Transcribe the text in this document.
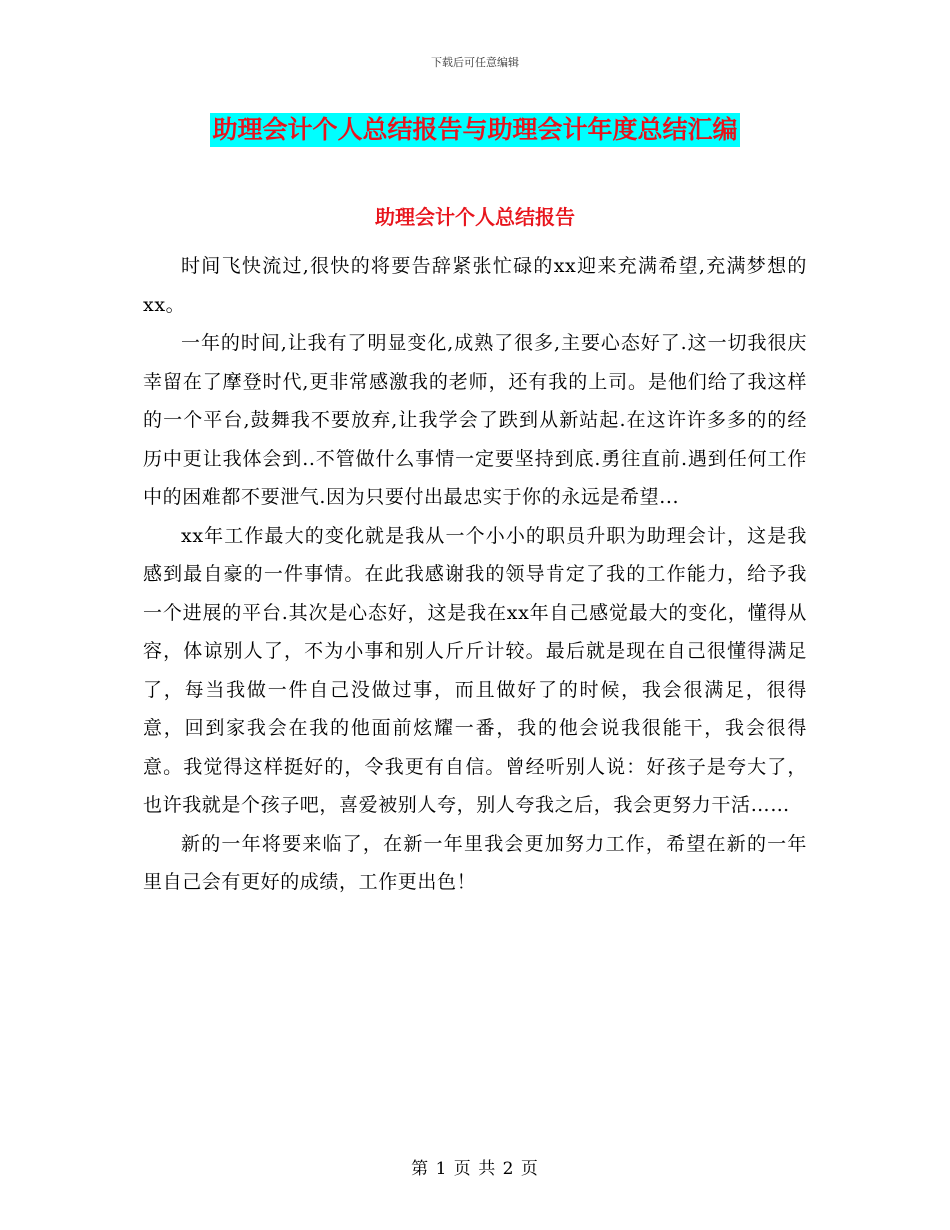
下载后可任意编辑
助理会计个人总结报告与助理会计年度总结汇编
助理会计个人总结报告

时间飞快流过,很快的将要告辞紧张忙碌的xx迎来充满希望,充满梦想的xx。

一年的时间,让我有了明显变化,成熟了很多,主要心态好了.这一切我很庆幸留在了摩登时代,更非常感激我的老师，还有我的上司。是他们给了我这样的一个平台,鼓舞我不要放弃,让我学会了跌到从新站起.在这许许多多的的经历中更让我体会到..不管做什么事情一定要坚持到底.勇往直前.遇到任何工作中的困难都不要泄气.因为只要付出最忠实于你的永远是希望...

xx年工作最大的变化就是我从一个小小的职员升职为助理会计，这是我感到最自豪的一件事情。在此我感谢我的领导肯定了我的工作能力，给予我一个进展的平台.其次是心态好，这是我在xx年自己感觉最大的变化，懂得从容，体谅别人了，不为小事和别人斤斤计较。最后就是现在自己很懂得满足了，每当我做一件自己没做过事，而且做好了的时候，我会很满足，很得意，回到家我会在我的他面前炫耀一番，我的他会说我很能干，我会很得意。我觉得这样挺好的，令我更有自信。曾经听别人说：好孩子是夸大了，也许我就是个孩子吧，喜爱被别人夸，别人夸我之后，我会更努力干活……

新的一年将要来临了，在新一年里我会更加努力工作，希望在新的一年里自己会有更好的成绩，工作更出色！

第 1 页 共 2 页
